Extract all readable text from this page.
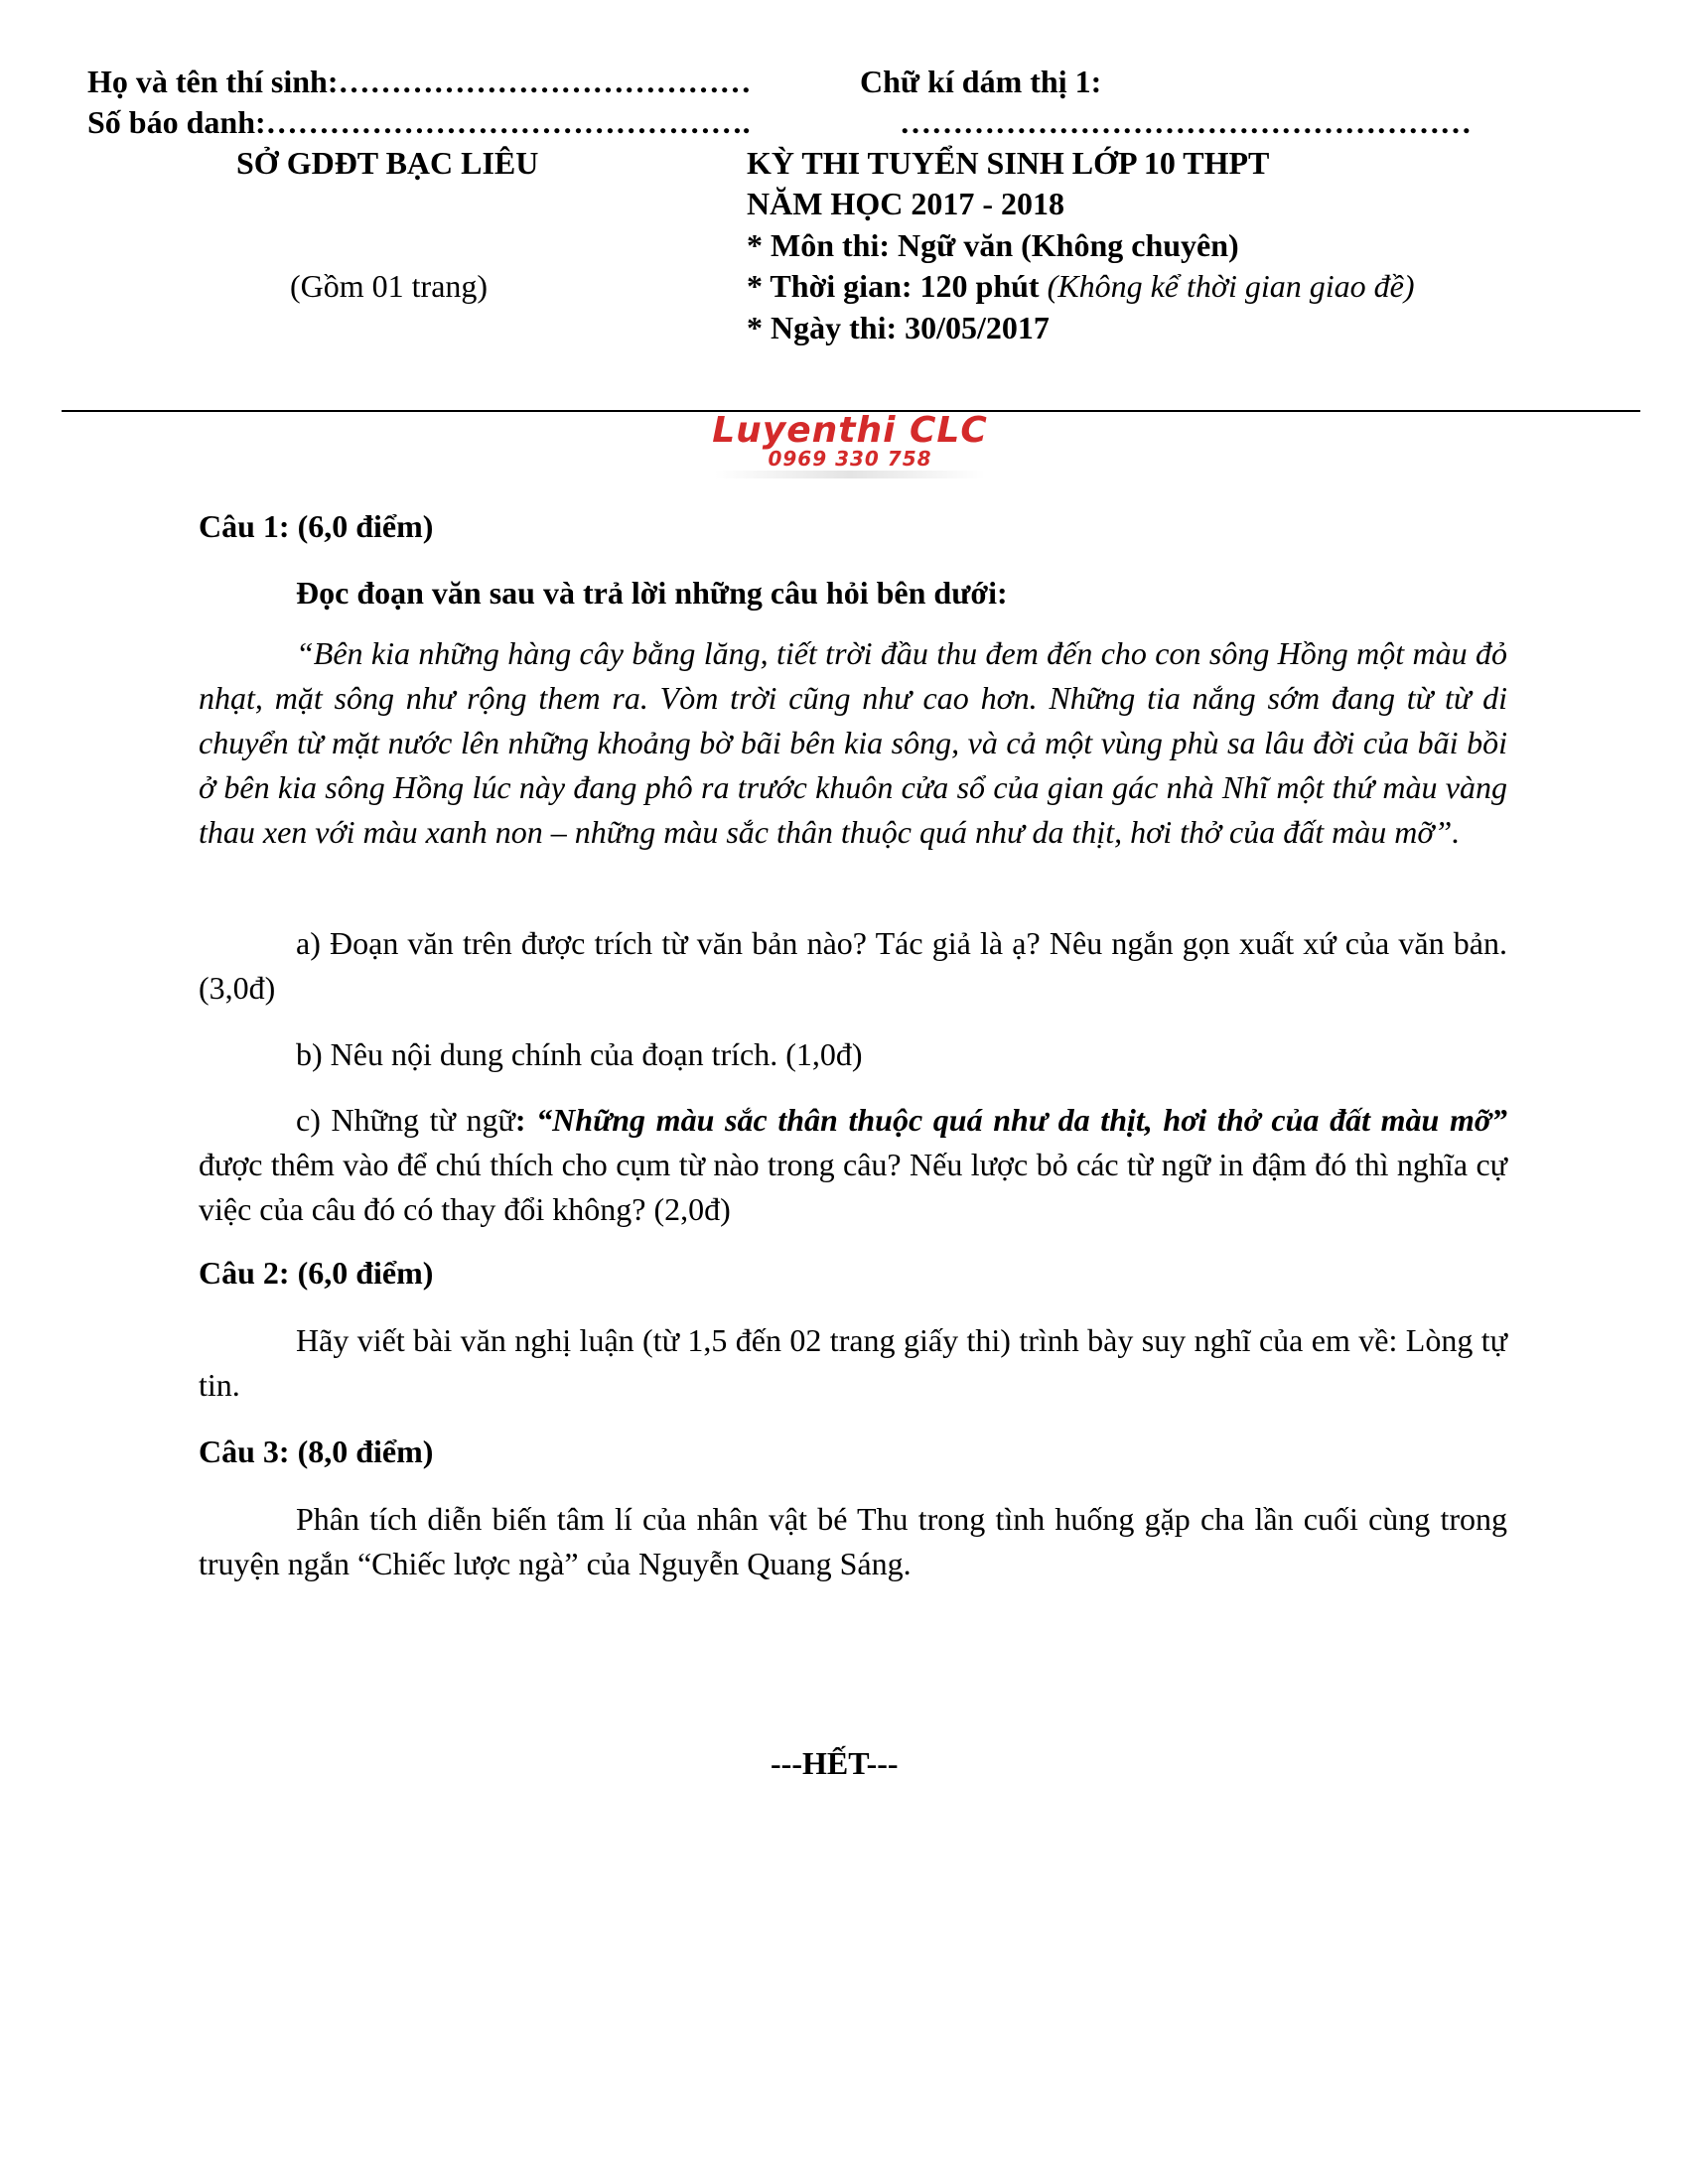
Họ và tên thí sinh:…………………………………	Chữ kí dám thị 1:
Số báo danh:……………………………………….	………………………………………………
SỞ GDĐT BẠC LIÊU
(Gồm 01 trang)
KỲ THI TUYỂN SINH LỚP 10 THPT
NĂM HỌC 2017 - 2018
* Môn thi: Ngữ văn (Không chuyên)
* Thời gian: 120 phút (Không kể thời gian giao đề)
* Ngày thi: 30/05/2017
Luyenthi CLC
0969 330 758
Câu 1: (6,0 điểm)
Đọc đoạn văn sau và trả lời những câu hỏi bên dưới:
“Bên kia những hàng cây bằng lăng, tiết trời đầu thu đem đến cho con sông Hồng một màu đỏ nhạt, mặt sông như rộng them ra. Vòm trời cũng như cao hơn. Những tia nắng sớm đang từ từ di chuyển từ mặt nước lên những khoảng bờ bãi bên kia sông, và cả một vùng phù sa lâu đời của bãi bồi ở bên kia sông Hồng lúc này đang phô ra trước khuôn cửa sổ của gian gác nhà Nhĩ một thứ màu vàng thau xen với màu xanh non – những màu sắc thân thuộc quá như da thịt, hơi thở của đất màu mỡ”.
a) Đoạn văn trên được trích từ văn bản nào? Tác giả là ạ? Nêu ngắn gọn xuất xứ của văn bản. (3,0đ)
b) Nêu nội dung chính của đoạn trích. (1,0đ)
c) Những từ ngữ: “Những màu sắc thân thuộc quá như da thịt, hơi thở của đất màu mỡ” được thêm vào để chú thích cho cụm từ nào trong câu? Nếu lược bỏ các từ ngữ in đậm đó thì nghĩa cự việc của câu đó có thay đổi không? (2,0đ)
Câu 2: (6,0 điểm)
Hãy viết bài văn nghị luận (từ 1,5 đến 02 trang giấy thi) trình bày suy nghĩ của em về: Lòng tự tin.
Câu 3: (8,0 điểm)
Phân tích diễn biến tâm lí của nhân vật bé Thu trong tình huống gặp cha lần cuối cùng trong truyện ngắn “Chiếc lược ngà” của Nguyễn Quang Sáng.
---HẾT---
